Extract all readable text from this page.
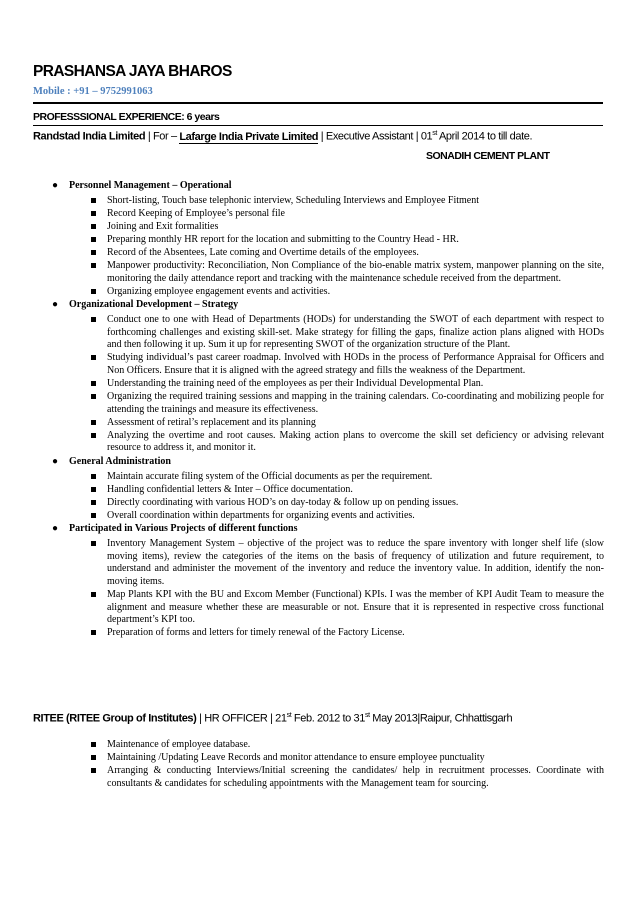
PRASHANSA JAYA BHAROS
Mobile : +91 – 9752991063
PROFESSSIONAL EXPERIENCE: 6 years
Randstad India Limited | For – Lafarge India Private Limited | Executive Assistant | 01st April 2014 to till date.
SONADIH CEMENT PLANT
● Personnel Management – Operational
Short-listing, Touch base telephonic interview, Scheduling Interviews and Employee Fitment
Record Keeping of Employee’s personal file
Joining and Exit formalities
Preparing monthly HR report for the location and submitting to the Country Head - HR.
Record of the Absentees, Late coming and Overtime details of the employees.
Manpower productivity: Reconciliation, Non Compliance of the bio-enable matrix system, manpower planning on the site, monitoring the daily attendance report and tracking with the maintenance schedule received from the department.
Organizing employee engagement events and activities.
● Organizational Development – Strategy
Conduct one to one with Head of Departments (HODs) for understanding the SWOT of each department with respect to forthcoming challenges and existing skill-set. Make strategy for filling the gaps, finalize action plans aligned with HODs and then following it up. Sum it up for representing SWOT of the organization structure of the Plant.
Studying individual’s past career roadmap. Involved with HODs in the process of Performance Appraisal for Officers and Non Officers. Ensure that it is aligned with the agreed strategy and fills the weakness of the Department.
Understanding the training need of the employees as per their Individual Developmental Plan.
Organizing the required training sessions and mapping in the training calendars. Co-coordinating and mobilizing people for attending the trainings and measure its effectiveness.
Assessment of retiral’s replacement and its planning
Analyzing the overtime and root causes. Making action plans to overcome the skill set deficiency or advising relevant resource to address it, and monitor it.
● General Administration
Maintain accurate filing system of the Official documents as per the requirement.
Handling confidential letters & Inter – Office documentation.
Directly coordinating with various HOD’s on day-today & follow up on pending issues.
Overall coordination within departments for organizing events and activities.
● Participated in Various Projects of different functions
Inventory Management System – objective of the project was to reduce the spare inventory with longer shelf life (slow moving items), review the categories of the items on the basis of frequency of utilization and future requirement, to understand and administer the movement of the inventory and reduce the inventory value. In addition, identify the non-moving items.
Map Plants KPI with the BU and Excom Member (Functional) KPIs. I was the member of KPI Audit Team to measure the alignment and measure whether these are measurable or not. Ensure that it is represented in respective cross functional department’s KPI too.
Preparation of forms and letters for timely renewal of the Factory License.
RITEE (RITEE Group of Institutes) | HR OFFICER | 21st Feb. 2012 to 31st May 2013|Raipur, Chhattisgarh
Maintenance of employee database.
Maintaining /Updating Leave Records and monitor attendance to ensure employee punctuality
Arranging & conducting Interviews/Initial screening the candidates/ help in recruitment processes. Coordinate with consultants & candidates for scheduling appointments with the Management team for sourcing.
